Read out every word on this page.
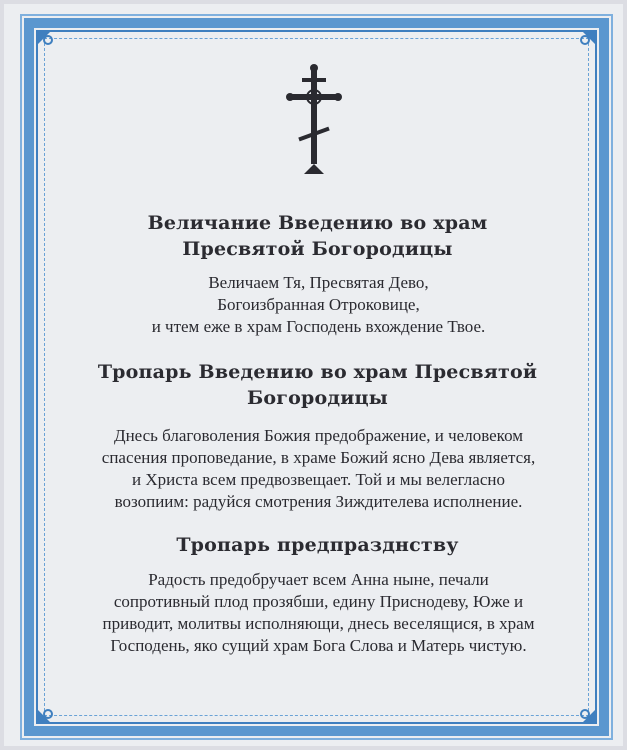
Величание Введению во храм
Пресвятой Богородицы
Величаем Тя, Пресвятая Дево,
Богоизбранная Отроковице,
и чтем еже в храм Господень вхождение Твое.
Тропарь Введению во храм Пресвятой
Богородицы
Днесь благоволения Божия предображение, и человеком
спасения проповедание, в храме Божий ясно Дева является,
и Христа всем предвозвещает. Той и мы велегласно
возопиим: радуйся смотрения Зиждителева исполнение.
Тропарь предпразднству
Радость предобручает всем Анна ныне, печали
сопротивный плод прозябши, едину Приснодеву, Юже и
приводит, молитвы исполняющи, днесь веселящися, в храм
Господень, яко сущий храм Бога Слова и Матерь чистую.
